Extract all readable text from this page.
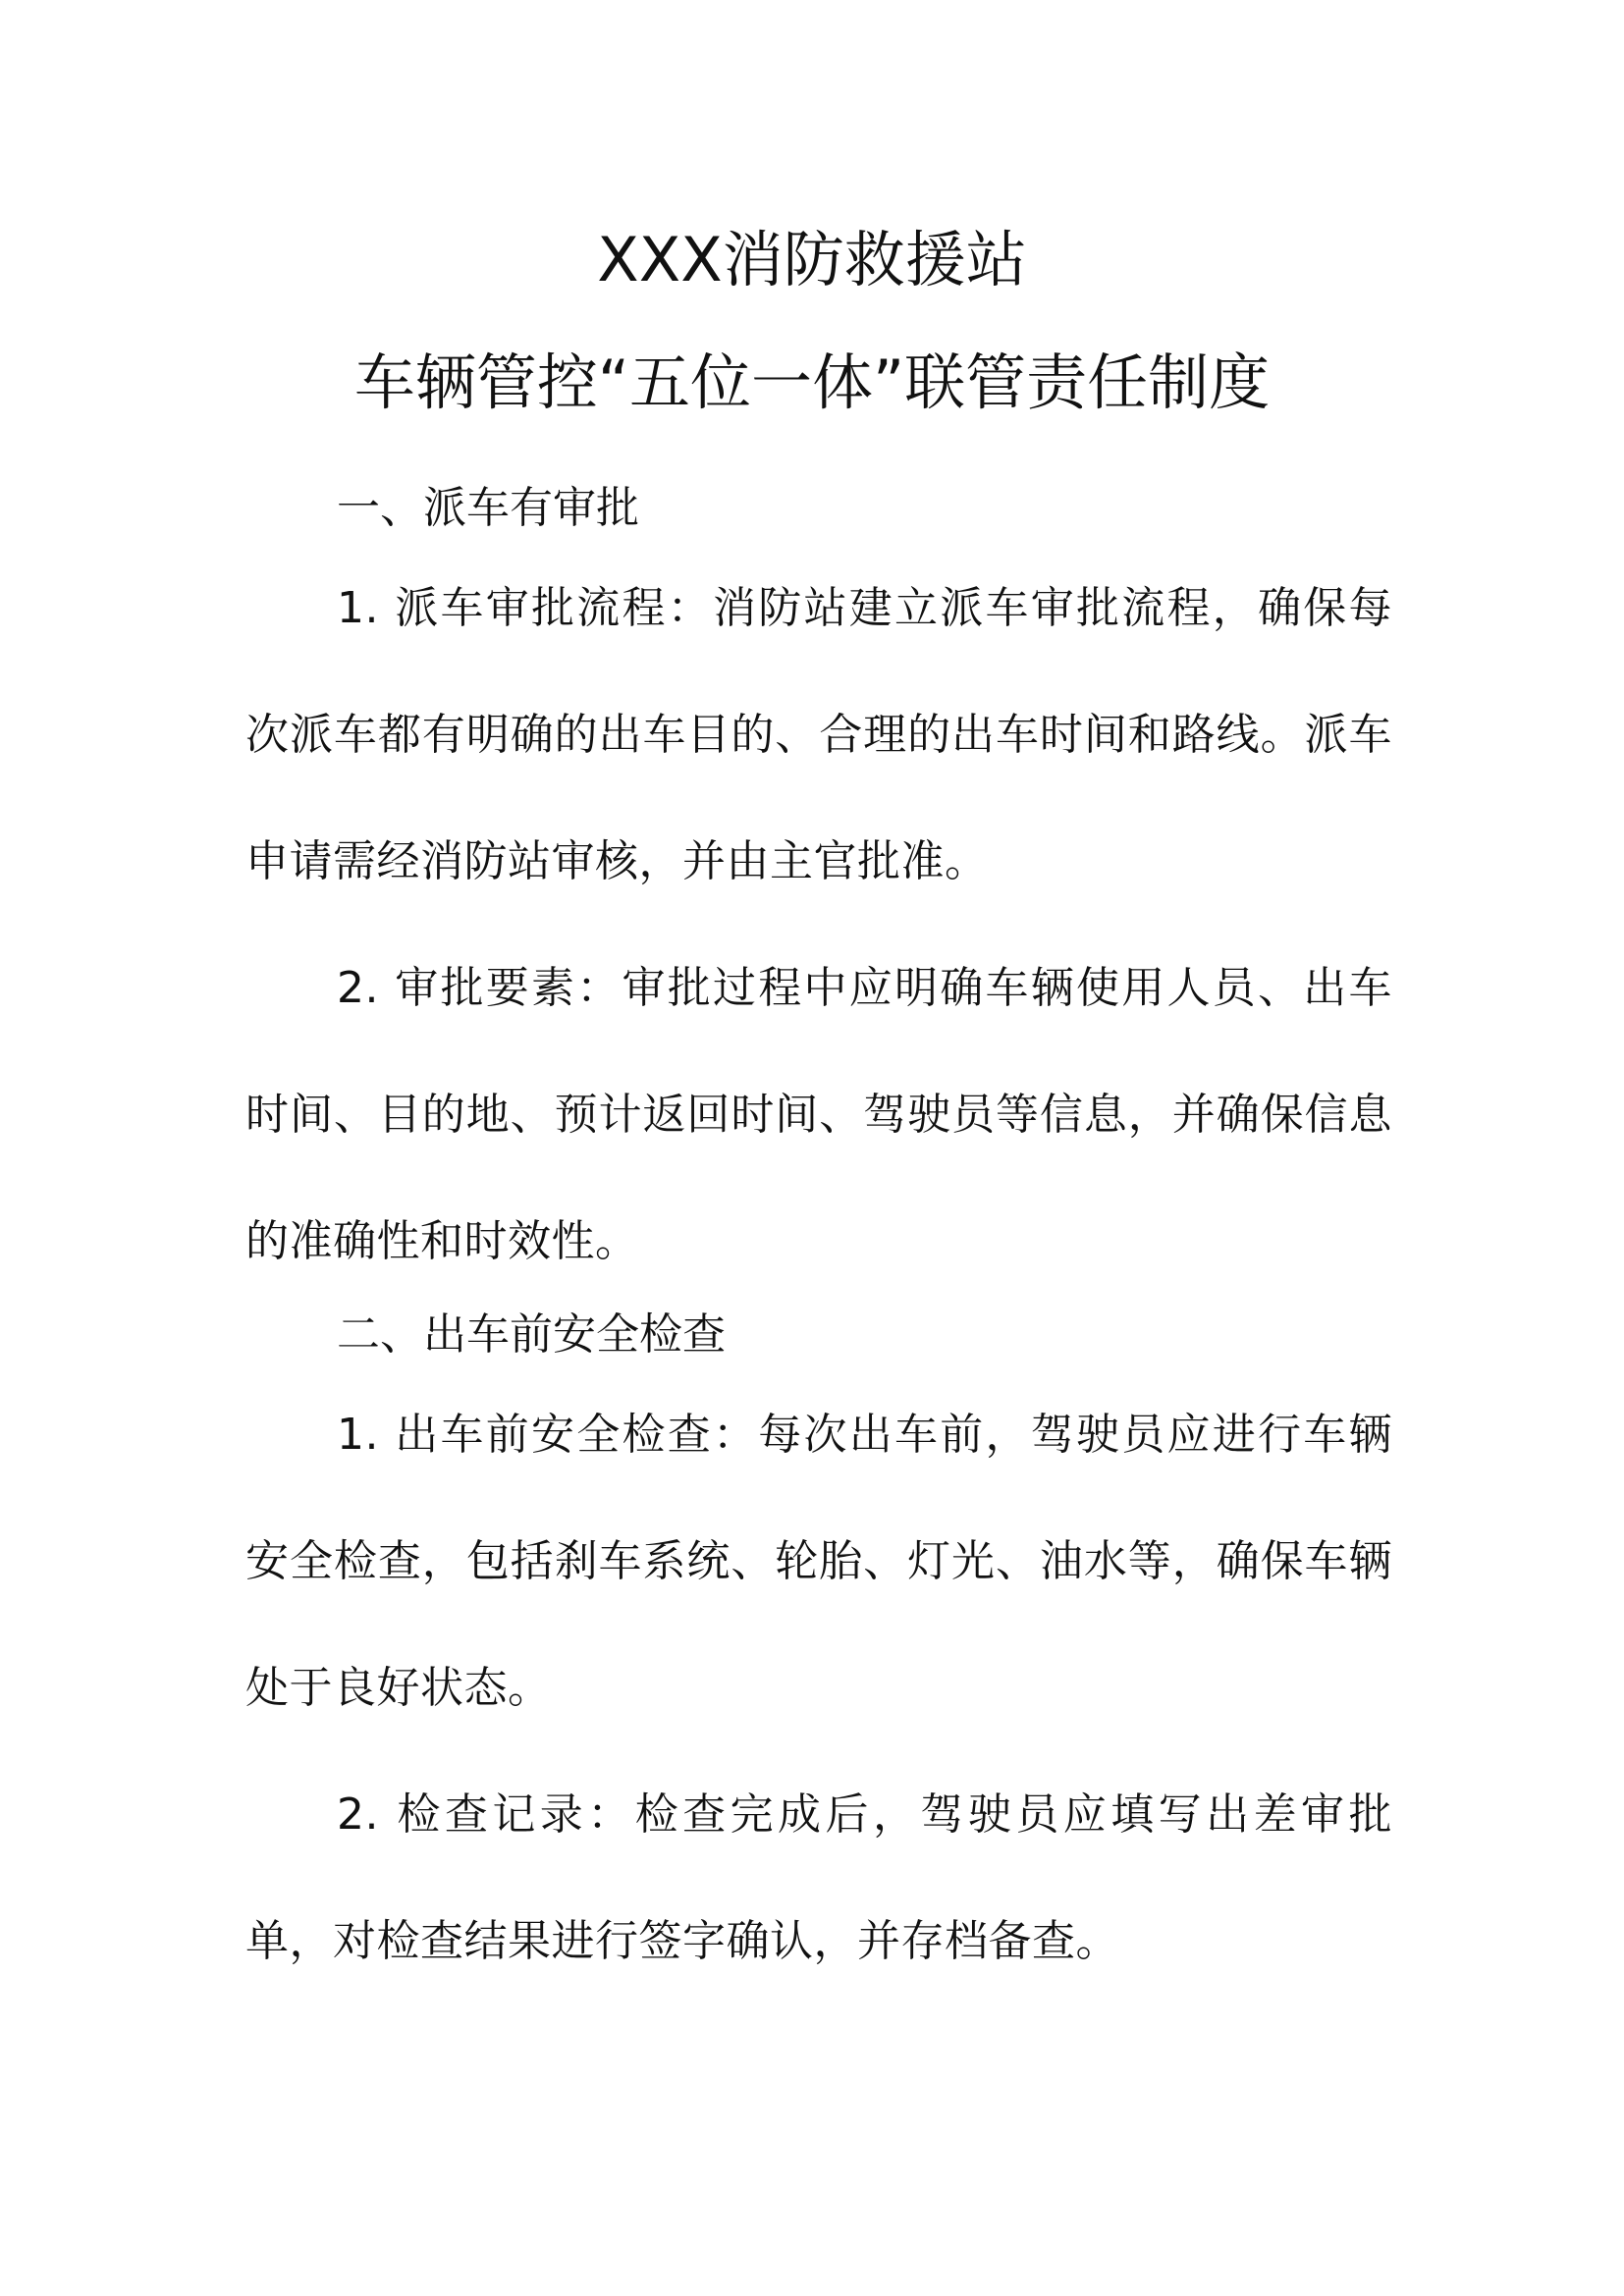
XXX消防救援站
车辆管控“五位一体”联管责任制度
一、派车有审批

1. 派车审批流程：消防站建立派车审批流程，确保每次派车都有明确的出车目的、合理的出车时间和路线。派车申请需经消防站审核，并由主官批准。

2. 审批要素：审批过程中应明确车辆使用人员、出车时间、目的地、预计返回时间、驾驶员等信息，并确保信息的准确性和时效性。

二、出车前安全检查

1. 出车前安全检查：每次出车前，驾驶员应进行车辆安全检查，包括刹车系统、轮胎、灯光、油水等，确保车辆处于良好状态。

2. 检查记录：检查完成后，驾驶员应填写出差审批单，对检查结果进行签字确认，并存档备查。
